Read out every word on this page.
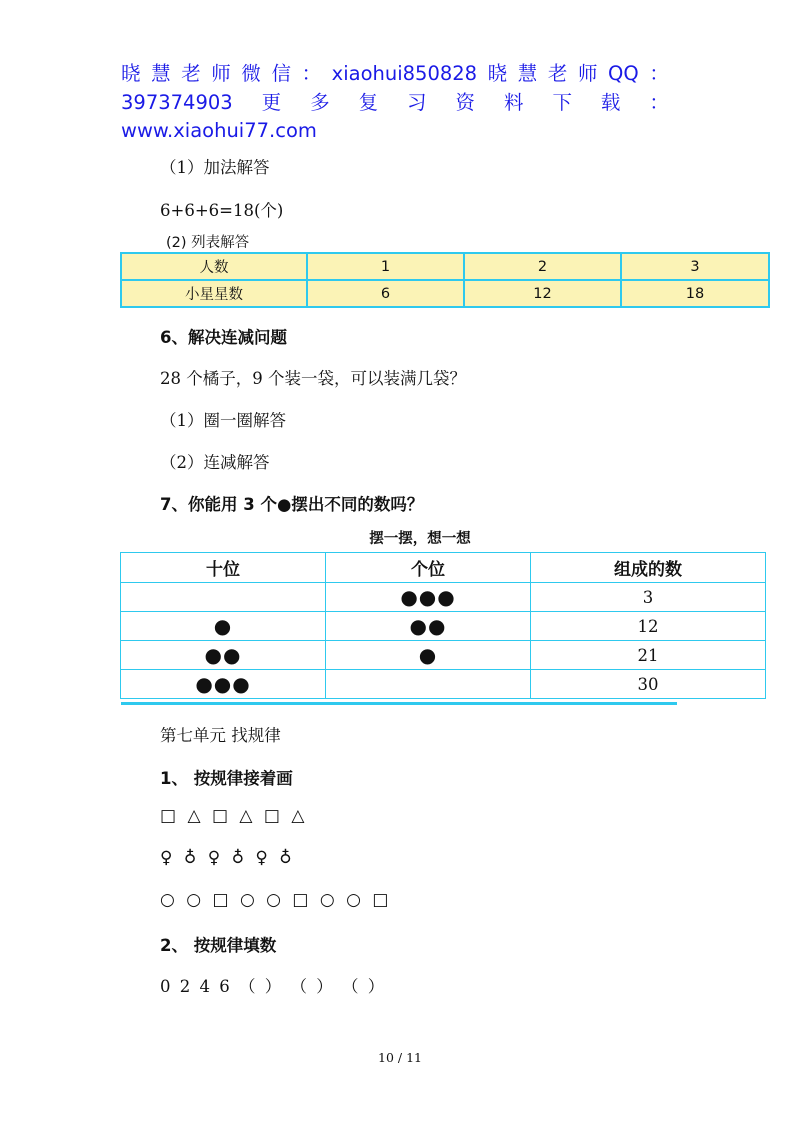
晓 慧 老 师 微 信 ： xiaohui850828 晓 慧 老 师 QQ ：
397374903 更 多 复 习 资 料 下 载 ：
www.xiaohui77.com
（1）加法解答
6+6+6=18(个)
(2) 列表解答
人数	1	2	3
小星星数	6	12	18
6、解决连减问题
28 个橘子，9 个装一袋，可以装满几袋？
（1）圈一圈解答
（2）连减解答
7、你能用 3 个●摆出不同的数吗？
摆一摆，想一想
十位	个位	组成的数
	●●●	3
●	●●	12
●●	●	21
●●●		30
第七单元 找规律
1、 按规律接着画
□ △ □ △ □ △
♀ ♁ ♀ ♁ ♀ ♁
○ ○ □ ○ ○ □ ○ ○ □
2、 按规律填数
0 2 4 6 （ ） （ ） （ ）
10 / 11
